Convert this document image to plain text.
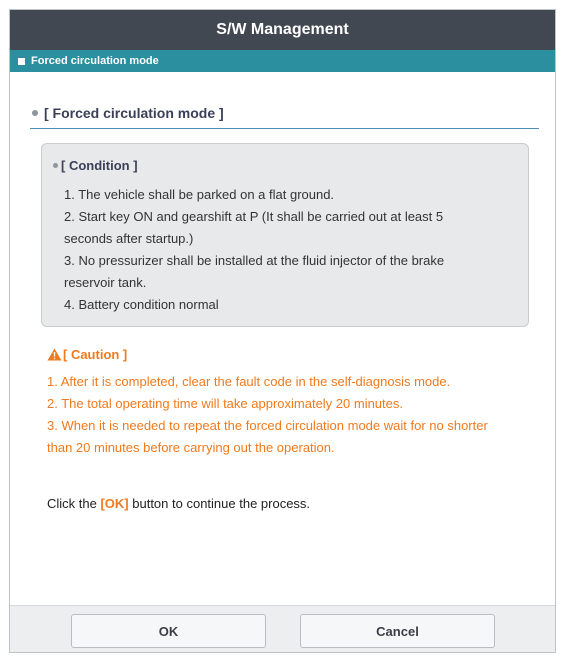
S/W Management
Forced circulation mode
[ Forced circulation mode ]
[ Condition ]
1. The vehicle shall be parked on a flat ground.
2. Start key ON and gearshift at P (It shall be carried out at least 5
seconds after startup.)
3. No pressurizer shall be installed at the fluid injector of the brake
reservoir tank.
4. Battery condition normal
[ Caution ]
1. After it is completed, clear the fault code in the self-diagnosis mode.
2. The total operating time will take approximately 20 minutes.
3. When it is needed to repeat the forced circulation mode wait for no shorter
than 20 minutes before carrying out the operation.
Click the [OK] button to continue the process.
OK	Cancel
